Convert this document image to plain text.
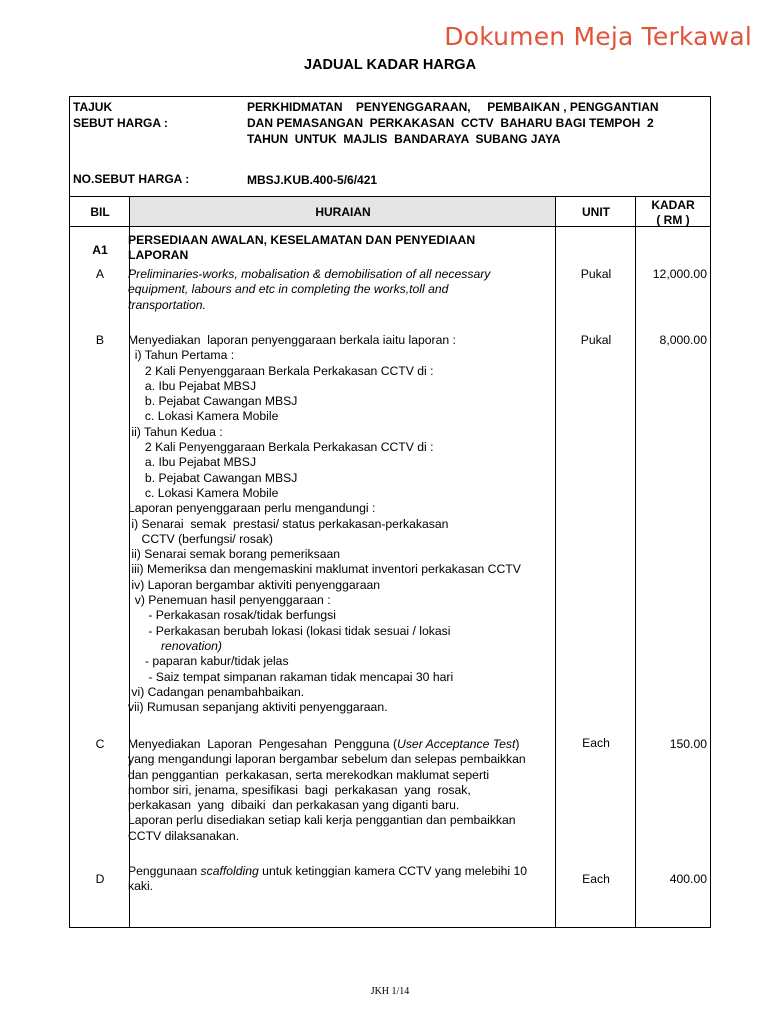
Dokumen Meja Terkawal
JADUAL KADAR HARGA
TAJUK
SEBUT HARGA :
PERKHIDMATAN    PENYENGGARAAN,     PEMBAIKAN , PENGGANTIAN
DAN PEMASANGAN  PERKAKASAN  CCTV  BAHARU BAGI TEMPOH  2
TAHUN  UNTUK  MAJLIS  BANDARAYA  SUBANG JAYA
NO.SEBUT HARGA :	MBSJ.KUB.400-5/6/421
BIL	HURAIAN	UNIT	KADAR
( RM )
A1
PERSEDIAAN AWALAN, KESELAMATAN DAN PENYEDIAAN
LAPORAN
A	Preliminaries-works, mobalisation & demobilisation of all necessary
equipment, labours and etc in completing the works,toll and
transportation.
Pukal	12,000.00
B	Menyediakan  laporan penyenggaraan berkala iaitu laporan :
i) Tahun Pertama :
2 Kali Penyenggaraan Berkala Perkakasan CCTV di :
a. Ibu Pejabat MBSJ
b. Pejabat Cawangan MBSJ
c. Lokasi Kamera Mobile
ii) Tahun Kedua :
2 Kali Penyenggaraan Berkala Perkakasan CCTV di :
a. Ibu Pejabat MBSJ
b. Pejabat Cawangan MBSJ
c. Lokasi Kamera Mobile
Laporan penyenggaraan perlu mengandungi :
i) Senarai  semak  prestasi/ status perkakasan-perkakasan
CCTV (berfungsi/ rosak)
ii) Senarai semak borang pemeriksaan
iii) Memeriksa dan mengemaskini maklumat inventori perkakasan CCTV
iv) Laporan bergambar aktiviti penyenggaraan
v) Penemuan hasil penyenggaraan :
- Perkakasan rosak/tidak berfungsi
- Perkakasan berubah lokasi (lokasi tidak sesuai / lokasi
renovation)
- paparan kabur/tidak jelas
- Saiz tempat simpanan rakaman tidak mencapai 30 hari
vi) Cadangan penambahbaikan.
vii) Rumusan sepanjang aktiviti penyenggaraan.
Pukal	8,000.00
C	Menyediakan  Laporan  Pengesahan  Pengguna (User Acceptance Test)
yang mengandungi laporan bergambar sebelum dan selepas pembaikkan
dan penggantian  perkakasan, serta merekodkan maklumat seperti
nombor siri, jenama, spesifikasi  bagi  perkakasan  yang  rosak,
perkakasan  yang  dibaiki  dan perkakasan yang diganti baru.
Laporan perlu disediakan setiap kali kerja penggantian dan pembaikkan
CCTV dilaksanakan.
Each	150.00
D
Penggunaan scaffolding untuk ketinggian kamera CCTV yang melebihi 10
kaki.
Each	400.00
JKH 1/14
